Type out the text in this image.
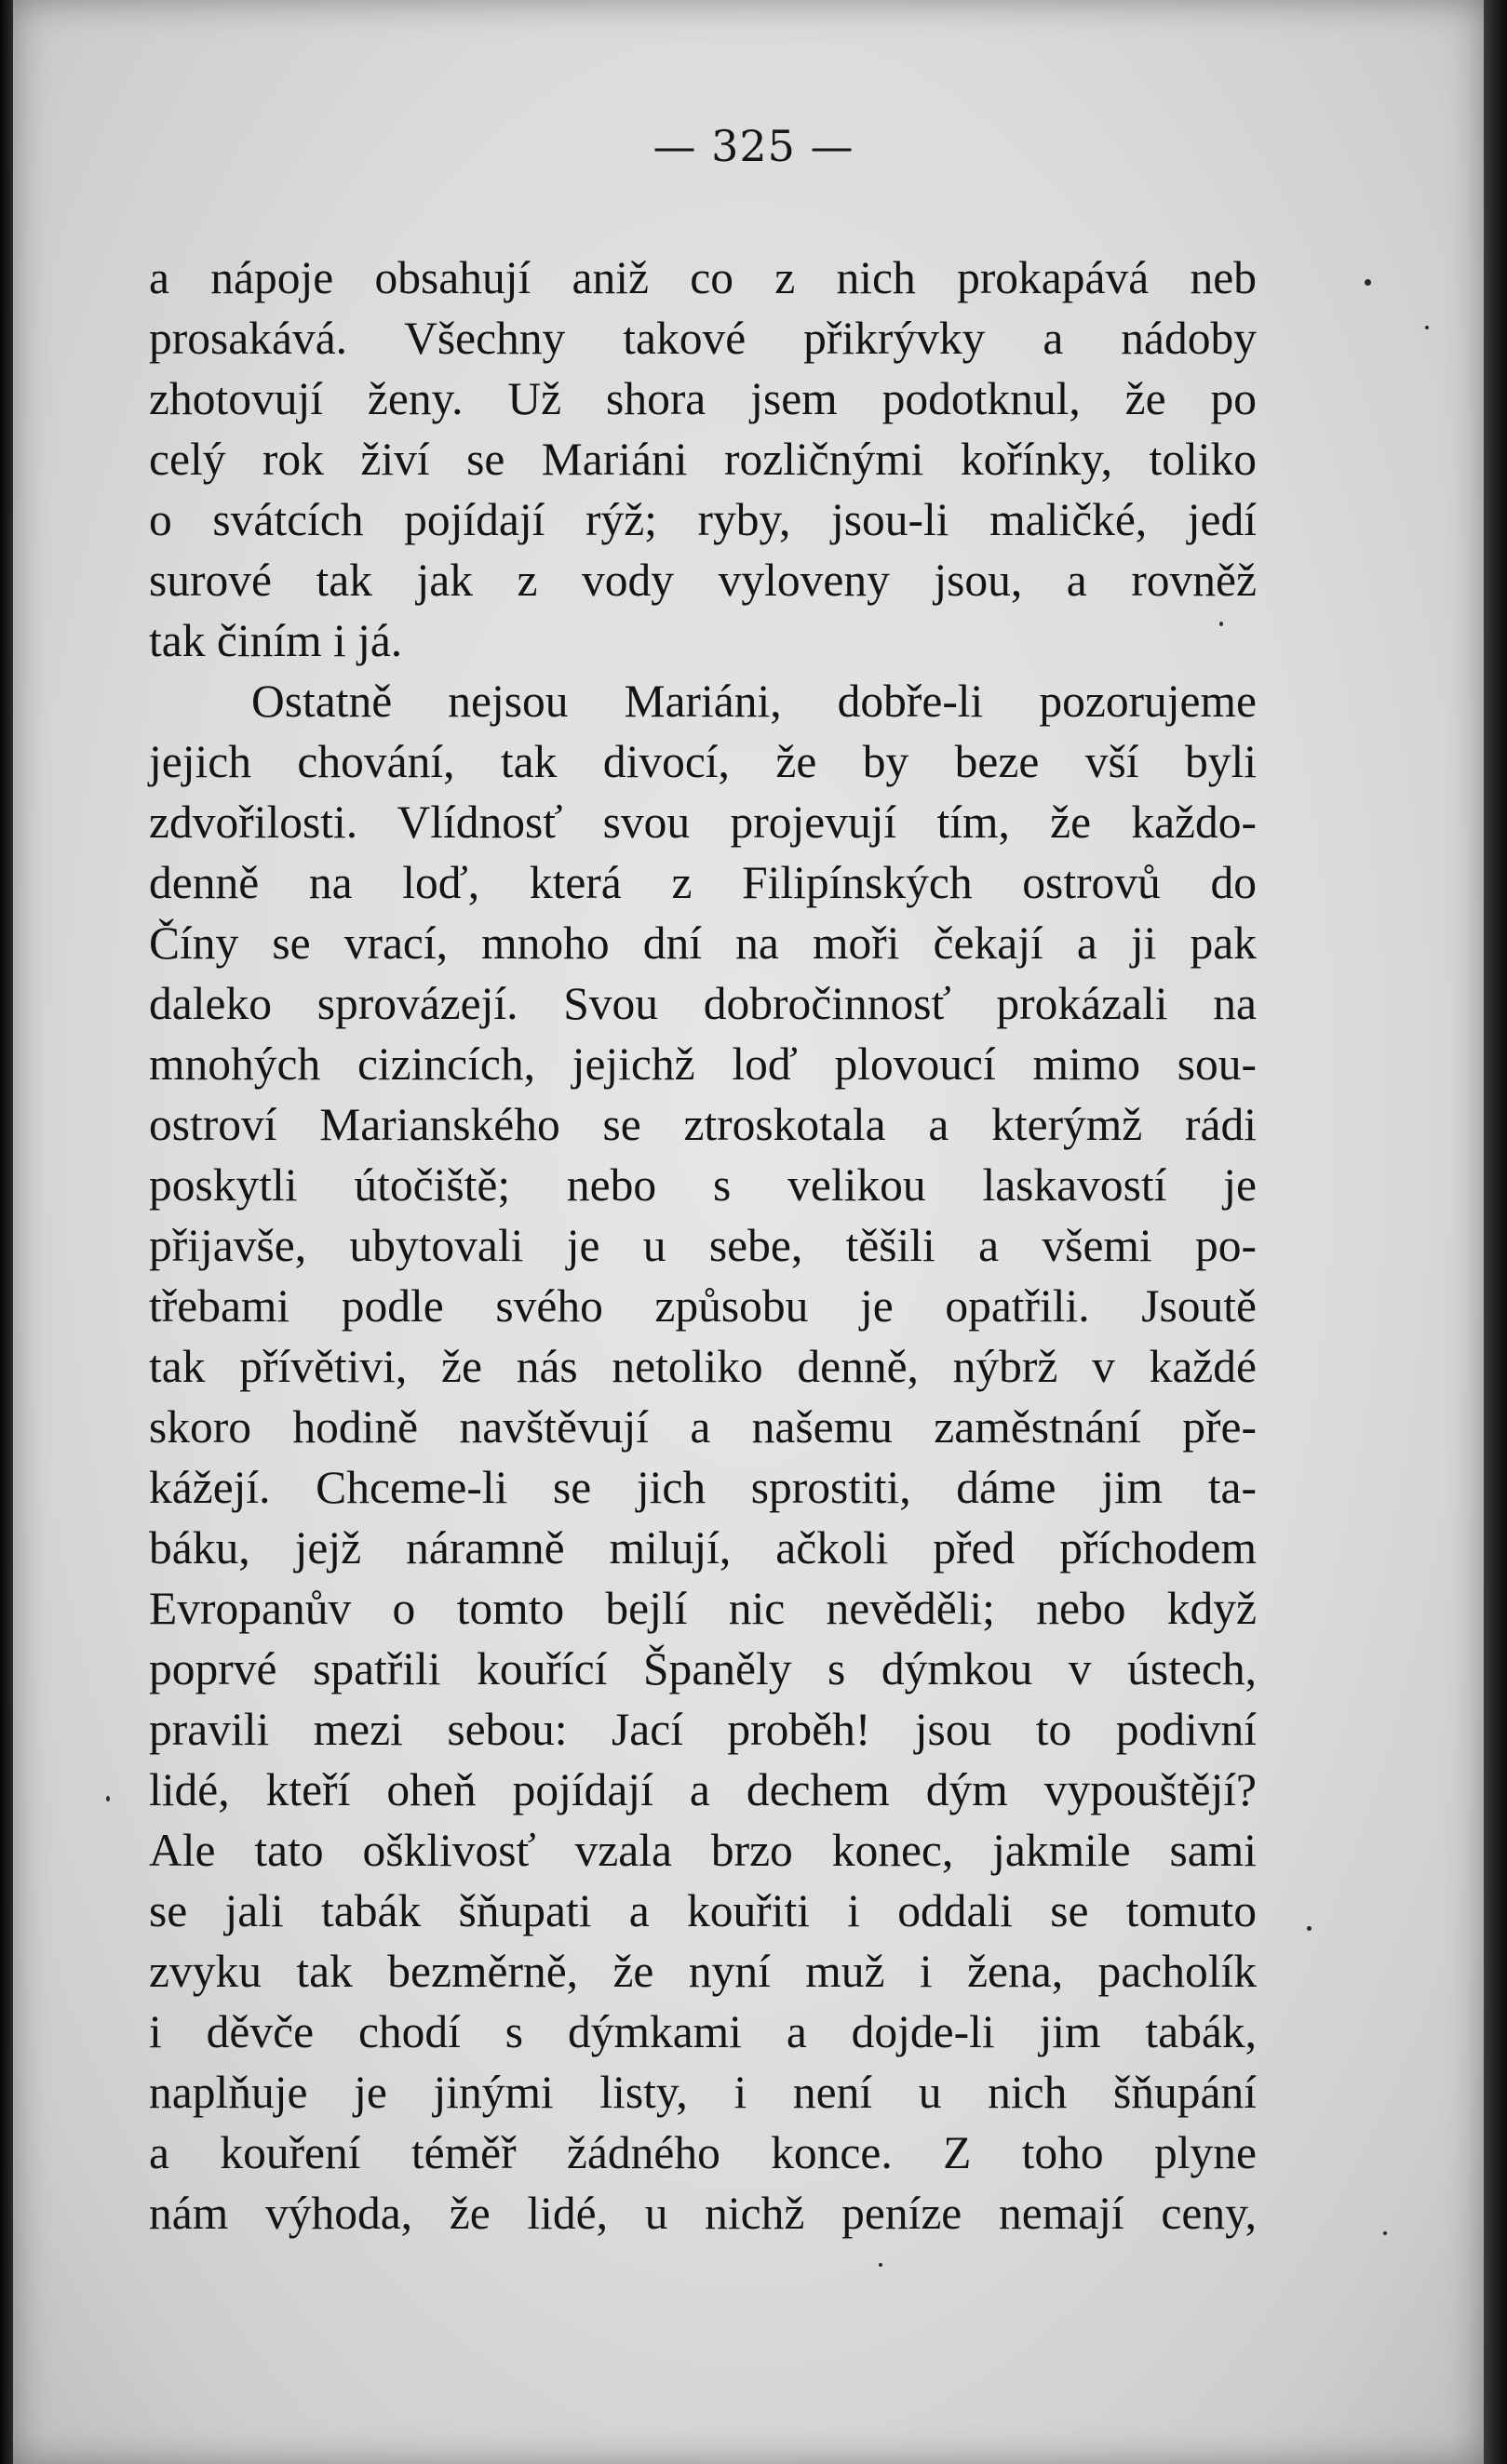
— 325 —
a nápoje obsahují aniž co z nich prokapává neb
prosakává. Všechny takové přikrývky a nádoby
zhotovují ženy. Už shora jsem podotknul, že po
celý rok živí se Mariáni rozličnými kořínky, toliko
o svátcích pojídají rýž; ryby, jsou-li maličké, jedí
surové tak jak z vody vyloveny jsou, a rovněž
tak činím i já.
Ostatně nejsou Mariáni, dobře-li pozorujeme
jejich chování, tak divocí, že by beze vší byli
zdvořilosti. Vlídnosť svou projevují tím, že každo-
denně na loď, která z Filipínských ostrovů do
Číny se vrací, mnoho dní na moři čekají a ji pak
daleko sprovázejí. Svou dobročinnosť prokázali na
mnohých cizincích, jejichž loď plovoucí mimo sou-
ostroví Marianského se ztroskotala a kterýmž rádi
poskytli útočiště; nebo s velikou laskavostí je
přijavše, ubytovali je u sebe, těšili a všemi po-
třebami podle svého způsobu je opatřili. Jsoutě
tak přívětivi, že nás netoliko denně, nýbrž v každé
skoro hodině navštěvují a našemu zaměstnání pře-
kážejí. Chceme-li se jich sprostiti, dáme jim ta-
báku, jejž náramně milují, ačkoli před příchodem
Evropanův o tomto bejlí nic nevěděli; nebo když
poprvé spatřili kouřící Španěly s dýmkou v ústech,
pravili mezi sebou: Jací proběh! jsou to podivní
lidé, kteří oheň pojídají a dechem dým vypouštějí?
Ale tato ošklivosť vzala brzo konec, jakmile sami
se jali tabák šňupati a kouřiti i oddali se tomuto
zvyku tak bezměrně, že nyní muž i žena, pacholík
i děvče chodí s dýmkami a dojde-li jim tabák,
naplňuje je jinými listy, i není u nich šňupání
a kouření téměř žádného konce. Z toho plyne
nám výhoda, že lidé, u nichž peníze nemají ceny,
